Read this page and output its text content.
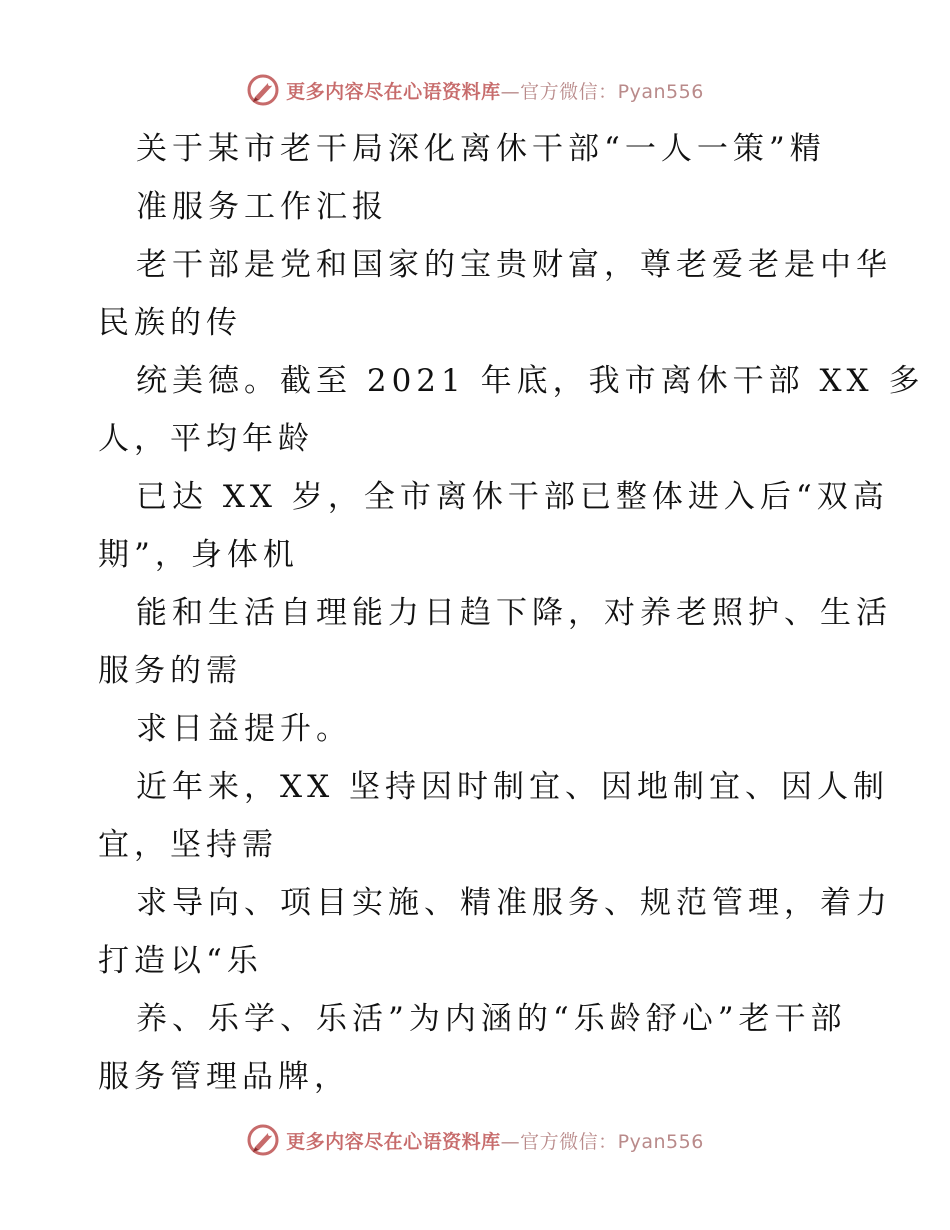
更多内容尽在心语资料库—官方微信：Pyan556
关于某市老干局深化离休干部“一人一策”精
准服务工作汇报
老干部是党和国家的宝贵财富，尊老爱老是中华
民族的传
统美德。截至 2021 年底，我市离休干部 XX 多
人，平均年龄
已达 XX 岁，全市离休干部已整体进入后“双高
期”，身体机
能和生活自理能力日趋下降，对养老照护、生活
服务的需
求日益提升。
近年来，XX 坚持因时制宜、因地制宜、因人制
宜，坚持需
求导向、项目实施、精准服务、规范管理，着力
打造以“乐
养、乐学、乐活”为内涵的“乐龄舒心”老干部
服务管理品牌，
更多内容尽在心语资料库—官方微信：Pyan556
